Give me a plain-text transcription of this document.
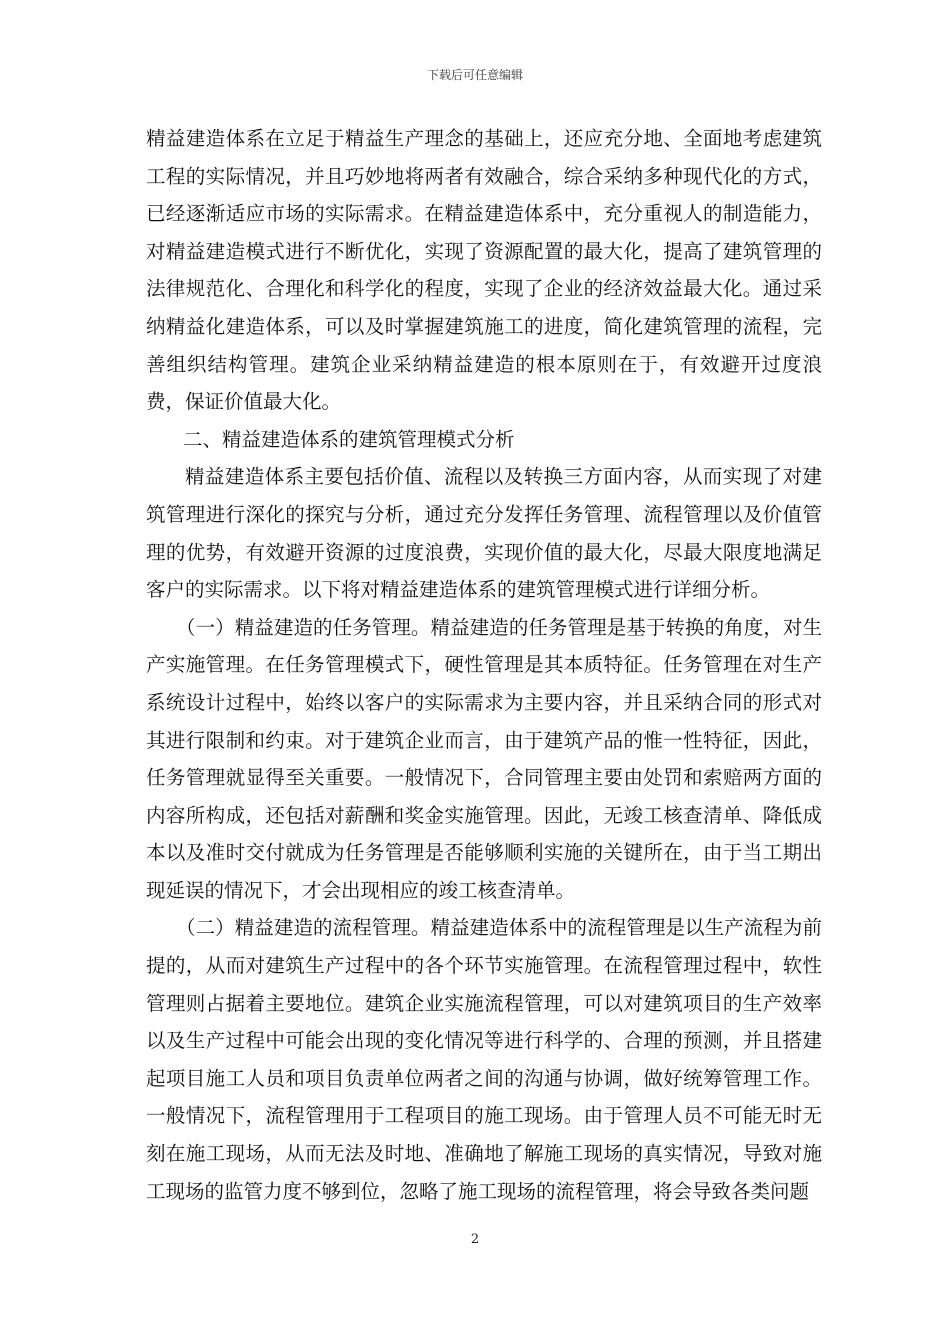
下载后可任意编辑

精益建造体系在立足于精益生产理念的基础上，还应充分地、全面地考虑建筑工程的实际情况，并且巧妙地将两者有效融合，综合采纳多种现代化的方式，已经逐渐适应市场的实际需求。在精益建造体系中，充分重视人的制造能力，对精益建造模式进行不断优化，实现了资源配置的最大化，提高了建筑管理的法律规范化、合理化和科学化的程度，实现了企业的经济效益最大化。通过采纳精益化建造体系，可以及时掌握建筑施工的进度，简化建筑管理的流程，完善组织结构管理。建筑企业采纳精益建造的根本原则在于，有效避开过度浪费，保证价值最大化。

二、精益建造体系的建筑管理模式分析

精益建造体系主要包括价值、流程以及转换三方面内容，从而实现了对建筑管理进行深化的探究与分析，通过充分发挥任务管理、流程管理以及价值管理的优势，有效避开资源的过度浪费，实现价值的最大化，尽最大限度地满足客户的实际需求。以下将对精益建造体系的建筑管理模式进行详细分析。

（一）精益建造的任务管理。精益建造的任务管理是基于转换的角度，对生产实施管理。在任务管理模式下，硬性管理是其本质特征。任务管理在对生产系统设计过程中，始终以客户的实际需求为主要内容，并且采纳合同的形式对其进行限制和约束。对于建筑企业而言，由于建筑产品的惟一性特征，因此，任务管理就显得至关重要。一般情况下，合同管理主要由处罚和索赔两方面的内容所构成，还包括对薪酬和奖金实施管理。因此，无竣工核查清单、降低成本以及准时交付就成为任务管理是否能够顺利实施的关键所在，由于当工期出现延误的情况下，才会出现相应的竣工核查清单。

（二）精益建造的流程管理。精益建造体系中的流程管理是以生产流程为前提的，从而对建筑生产过程中的各个环节实施管理。在流程管理过程中，软性管理则占据着主要地位。建筑企业实施流程管理，可以对建筑项目的生产效率以及生产过程中可能会出现的变化情况等进行科学的、合理的预测，并且搭建起项目施工人员和项目负责单位两者之间的沟通与协调，做好统筹管理工作。一般情况下，流程管理用于工程项目的施工现场。由于管理人员不可能无时无刻在施工现场，从而无法及时地、准确地了解施工现场的真实情况，导致对施工现场的监管力度不够到位，忽略了施工现场的流程管理，将会导致各类问题

2
